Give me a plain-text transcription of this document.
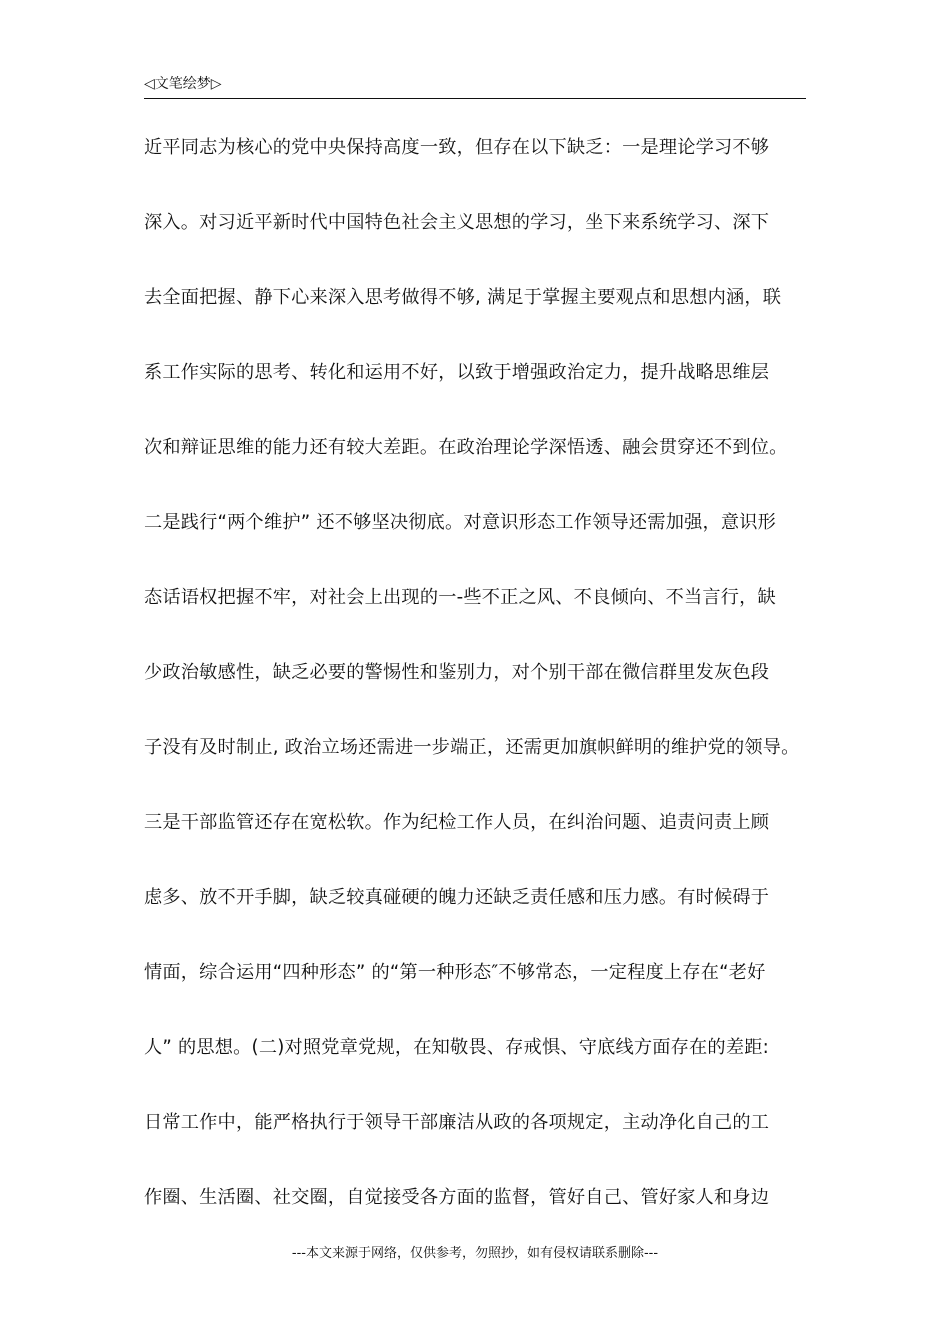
◁文笔绘梦▷
近平同志为核心的党中央保持高度一致，但存在以下缺乏：一是理论学习不够
深入。对习近平新时代中国特色社会主义思想的学习，坐下来系统学习、深下
去全面把握、静下心来深入思考做得不够, 满足于掌握主要观点和思想内涵，联
系工作实际的思考、转化和运用不好，以致于增强政治定力，提升战略思维层
次和辩证思维的能力还有较大差距。在政治理论学深悟透、融会贯穿还不到位。
二是践行“两个维护” 还不够坚决彻底。对意识形态工作领导还需加强，意识形
态话语权把握不牢，对社会上出现的一-些不正之风、不良倾向、不当言行，缺
少政治敏感性，缺乏必要的警惕性和鉴别力，对个别干部在微信群里发灰色段
子没有及时制止, 政治立场还需进一步端正，还需更加旗帜鲜明的维护党的领导。
三是干部监管还存在宽松软。作为纪检工作人员，在纠治问题、追责问责上顾
虑多、放不开手脚，缺乏较真碰硬的魄力还缺乏责任感和压力感。有时候碍于
情面，综合运用“四种形态” 的“第一种形态″不够常态，一定程度上存在“老好
人” 的思想。(二)对照党章党规，在知敬畏、存戒惧、守底线方面存在的差距:
日常工作中，能严格执行于领导干部廉洁从政的各项规定，主动净化自己的工
作圈、生活圈、社交圈，自觉接受各方面的监督，管好自己、管好家人和身边
---本文来源于网络，仅供参考，勿照抄，如有侵权请联系删除---
